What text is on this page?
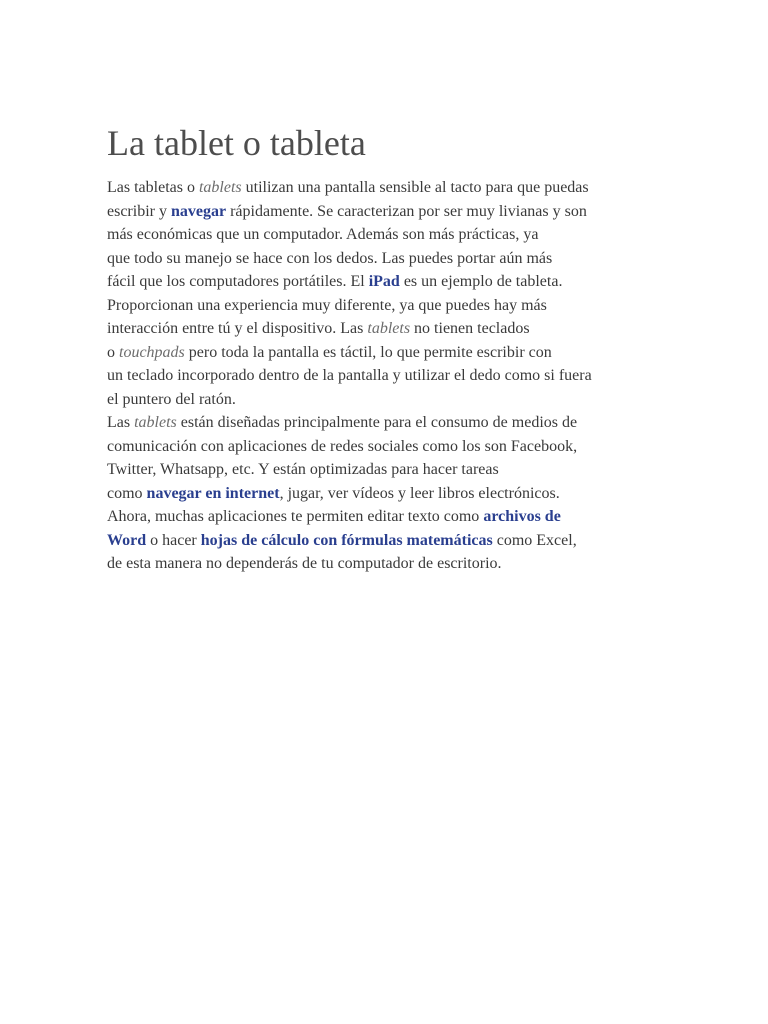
La tablet o tableta
Las tabletas o tablets utilizan una pantalla sensible al tacto para que puedas
escribir y navegar rápidamente. Se caracterizan por ser muy livianas y son
más económicas que un computador. Además son más prácticas, ya
que todo su manejo se hace con los dedos. Las puedes portar aún más
fácil que los computadores portátiles. El iPad es un ejemplo de tableta.
Proporcionan una experiencia muy diferente, ya que puedes hay más
interacción entre tú y el dispositivo. Las tablets no tienen teclados
o touchpads pero toda la pantalla es táctil, lo que permite escribir con
un teclado incorporado dentro de la pantalla y utilizar el dedo como si fuera
el puntero del ratón.
Las tablets están diseñadas principalmente para el consumo de medios de
comunicación con aplicaciones de redes sociales como los son Facebook,
Twitter, Whatsapp, etc. Y están optimizadas para hacer tareas
como navegar en internet, jugar, ver vídeos y leer libros electrónicos.
Ahora, muchas aplicaciones te permiten editar texto como archivos de
Word o hacer hojas de cálculo con fórmulas matemáticas como Excel,
de esta manera no dependerás de tu computador de escritorio.
